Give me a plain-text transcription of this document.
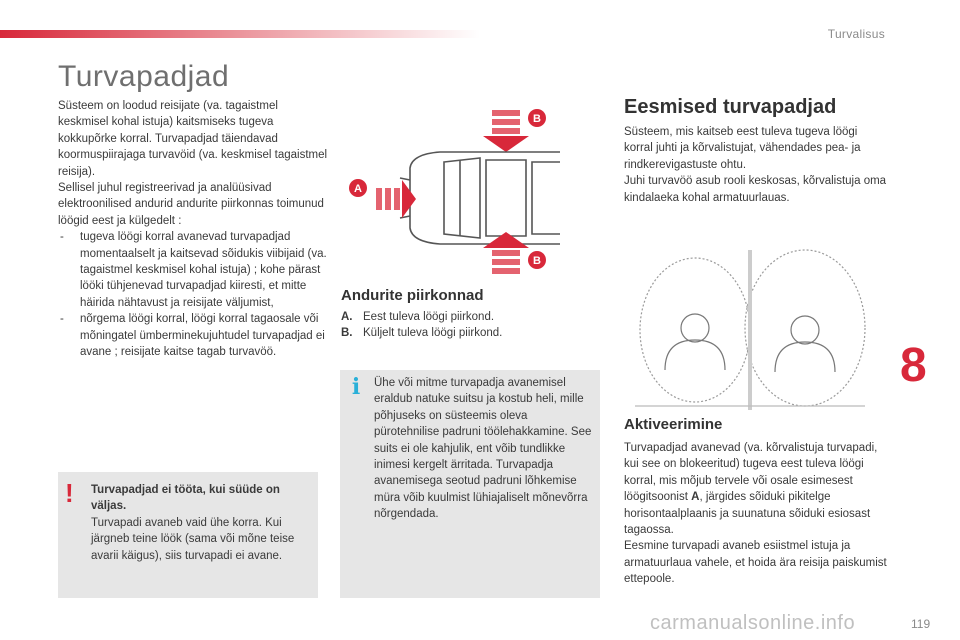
Turvalisus
Turvapadjad

Süsteem on loodud reisijate (va. tagaistmel keskmisel kohal istuja) kaitsmiseks tugeva kokkupõrke korral. Turvapadjad täiendavad koormuspiirajaga turvavöid (va. keskmisel tagaistmel reisija).

Sellisel juhul registreerivad ja analüüsivad elektroonilised andurid andurite piirkonnas toimunud löögid eest ja külgedelt :

- tugeva löögi korral avanevad turvapadjad momentaalselt ja kaitsevad sõidukis viibijaid (va. tagaistmel keskmisel kohal istuja) ; kohe pärast lööki tühjenevad turvapadjad kiiresti, et mitte häirida nähtavust ja reisijate väljumist,
- nõrgema löögi korral, löögi korral tagaosale või mõningatel ümberminekujuhtudel turvapadjad ei avane ; reisijate kaitse tagab turvavöö.
B
A
B
Andurite piirkonnad
A. Eest tuleva löögi piirkond.
B. Küljelt tuleva löögi piirkond.
! Turvapadjad ei tööta, kui süüde on väljas.
Turvapadi avaneb vaid ühe korra. Kui järgneb teine löök (sama või mõne teise avarii käigus), siis turvapadi ei avane.
i Ühe või mitme turvapadja avanemisel eraldub natuke suitsu ja kostub heli, mille põhjuseks on süsteemis oleva pürotehnilise padruni töölehakkamine. See suits ei ole kahjulik, ent võib tundlikke inimesi kergelt ärritada. Turvapadja avanemisega seotud padruni lõhkemise müra võib kuulmist lühiajaliselt mõnevõrra nõrgendada.
Eesmised turvapadjad
Süsteem, mis kaitseb eest tuleva tugeva löögi korral juhti ja kõrvalistujat, vähendades pea- ja rindkerevigastuste ohtu.
Juhi turvavöö asub rooli keskosas, kõrvalistuja oma kindalaeka kohal armatuurlauas.
Aktiveerimine
Turvapadjad avanevad (va. kõrvalistuja turvapadi, kui see on blokeeritud) tugeva eest tuleva löögi korral, mis mõjub tervele või osale esimesest löögitsoonist A, järgides sõiduki pikitelge horisontaalplaanis ja suunatuna sõiduki esiosast tagaossa.
Eesmine turvapadi avaneb esiistmel istuja ja armatuurlaua vahele, et hoida ära reisija paiskumist ettepoole.
8
carmanualsonline.info	119
